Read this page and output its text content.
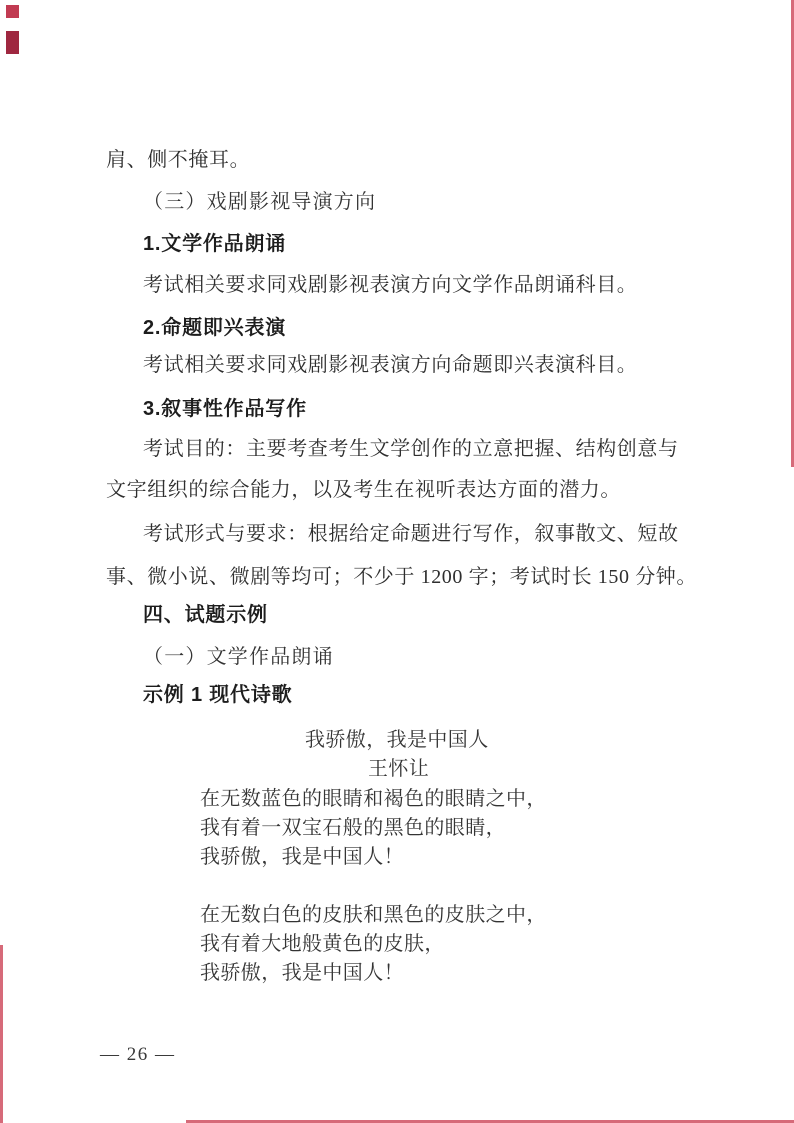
肩、侧不掩耳。

（三）戏剧影视导演方向

1.文学作品朗诵

考试相关要求同戏剧影视表演方向文学作品朗诵科目。

2.命题即兴表演

考试相关要求同戏剧影视表演方向命题即兴表演科目。

3.叙事性作品写作

考试目的：主要考查考生文学创作的立意把握、结构创意与

文字组织的综合能力，以及考生在视听表达方面的潜力。

考试形式与要求：根据给定命题进行写作，叙事散文、短故

事、微小说、微剧等均可；不少于 1200 字；考试时长 150 分钟。

四、试题示例

（一）文学作品朗诵

示例 1 现代诗歌

我骄傲，我是中国人

王怀让

在无数蓝色的眼睛和褐色的眼睛之中，

我有着一双宝石般的黑色的眼睛，

我骄傲，我是中国人！

在无数白色的皮肤和黑色的皮肤之中，

我有着大地般黄色的皮肤，

我骄傲，我是中国人！

— 26 —
